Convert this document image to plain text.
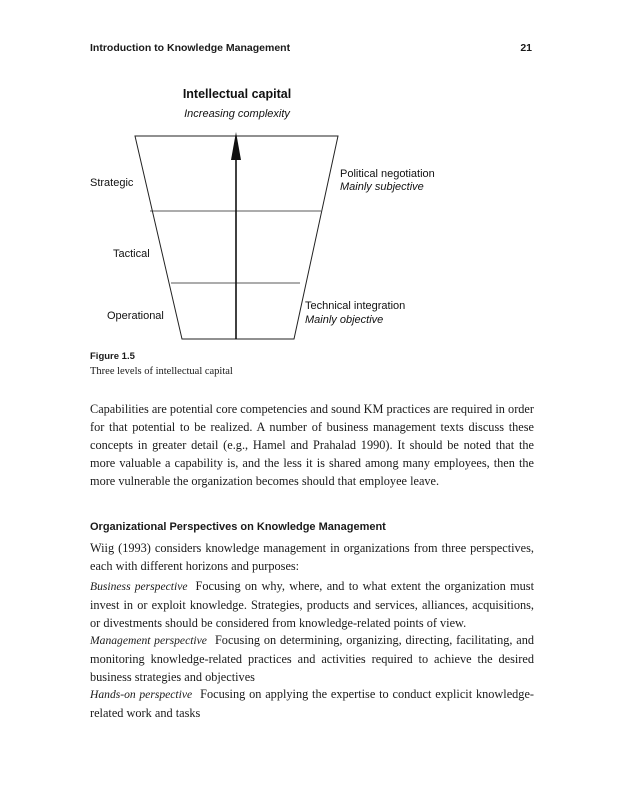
Introduction to Knowledge Management	21
Intellectual capital
Increasing complexity
Strategic
Tactical
Operational
Political negotiation
Mainly subjective
Technical integration
Mainly objective
Figure 1.5
Three levels of intellectual capital

Capabilities are potential core competencies and sound KM practices are required in order for that potential to be realized. A number of business management texts discuss these concepts in greater detail (e.g., Hamel and Prahalad 1990). It should be noted that the more valuable a capability is, and the less it is shared among many employees, then the more vulnerable the organization becomes should that employee leave.

Organizational Perspectives on Knowledge Management

Wiig (1993) considers knowledge management in organizations from three perspectives, each with different horizons and purposes:

Business perspective Focusing on why, where, and to what extent the organization must invest in or exploit knowledge. Strategies, products and services, alliances, acquisitions, or divestments should be considered from knowledge-related points of view.

Management perspective Focusing on determining, organizing, directing, facilitating, and monitoring knowledge-related practices and activities required to achieve the desired business strategies and objectives

Hands-on perspective Focusing on applying the expertise to conduct explicit knowledge-related work and tasks
